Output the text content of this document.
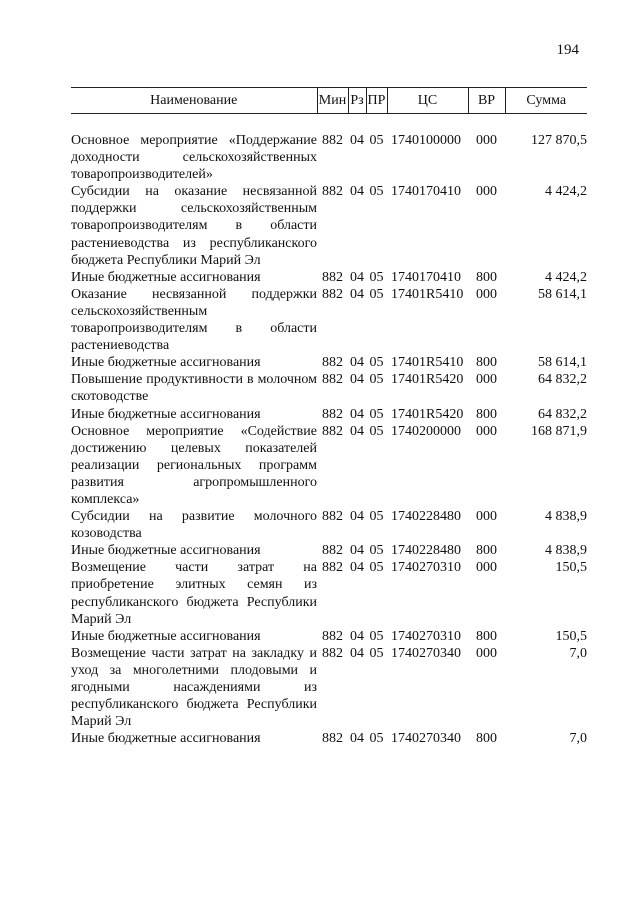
194
Наименование	Мин	Рз	ПР	ЦС	ВР	Сумма

Основное мероприятие «Поддержание доходности сельскохозяйственных товаропроизводителей»	882	04	05	1740100000	000	127 870,5
Субсидии на оказание несвязанной поддержки сельскохозяйственным товаропроизводителям в области растениеводства из республиканского бюджета Республики Марий Эл	882	04	05	1740170410	000	4 424,2
Иные бюджетные ассигнования	882	04	05	1740170410	800	4 424,2
Оказание несвязанной поддержки сельскохозяйственным товаропроизводителям в области растениеводства	882	04	05	17401R5410	000	58 614,1
Иные бюджетные ассигнования	882	04	05	17401R5410	800	58 614,1
Повышение продуктивности в молочном скотоводстве	882	04	05	17401R5420	000	64 832,2
Иные бюджетные ассигнования	882	04	05	17401R5420	800	64 832,2
Основное мероприятие «Содействие достижению целевых показателей реализации региональных программ развития агропромышленного комплекса»	882	04	05	1740200000	000	168 871,9
Субсидии на развитие молочного козоводства	882	04	05	1740228480	000	4 838,9
Иные бюджетные ассигнования	882	04	05	1740228480	800	4 838,9
Возмещение части затрат на приобретение элитных семян из республиканского бюджета Республики Марий Эл	882	04	05	1740270310	000	150,5
Иные бюджетные ассигнования	882	04	05	1740270310	800	150,5
Возмещение части затрат на закладку и уход за многолетними плодовыми и ягодными насаждениями из республиканского бюджета Республики Марий Эл	882	04	05	1740270340	000	7,0
Иные бюджетные ассигнования	882	04	05	1740270340	800	7,0
